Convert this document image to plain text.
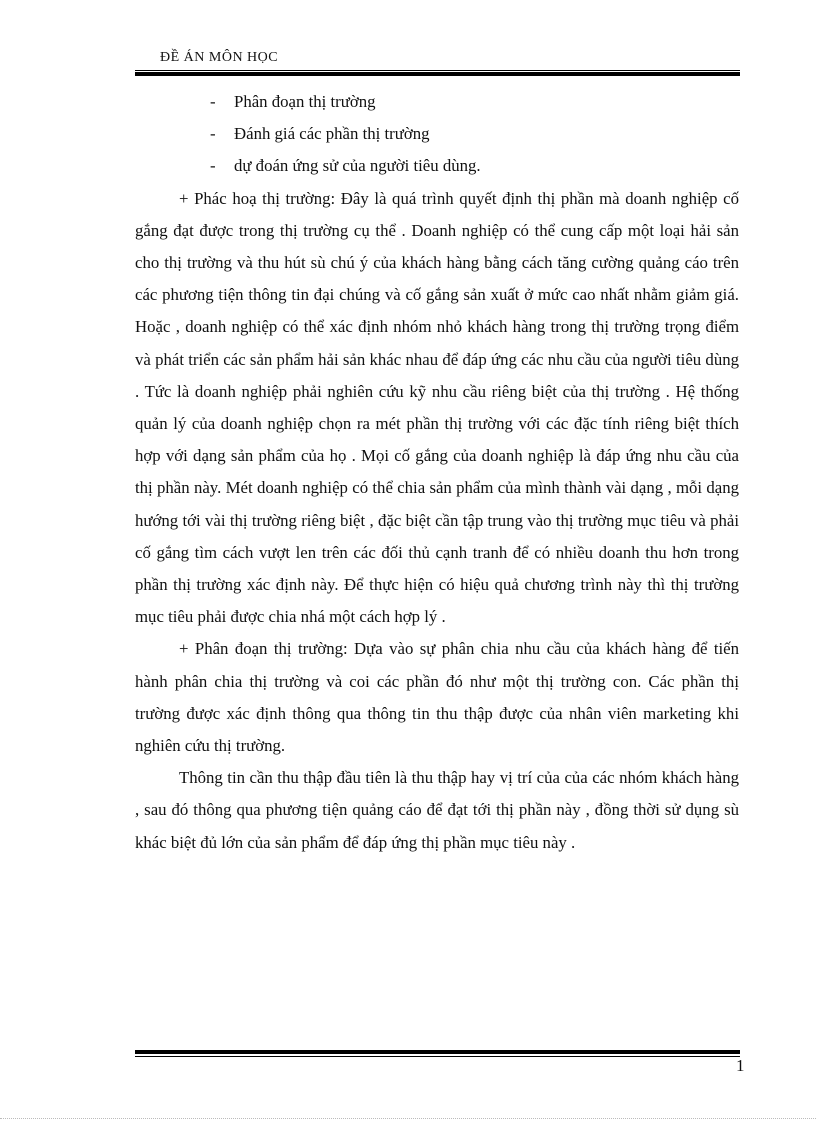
ĐỀ ÁN MÔN HỌC
-	Phân đoạn thị trường
-	Đánh giá các phần thị trường
-	dự đoán ứng sử của người tiêu dùng.

+ Phác hoạ thị trường: Đây là quá trình quyết định thị phần mà doanh nghiệp cố gắng đạt được trong thị trường cụ thể . Doanh nghiệp có thể cung cấp một loại hải sản cho thị trường và thu hút sù chú ý của khách hàng bằng cách tăng cường quảng cáo trên các phương tiện thông tin đại chúng và cố gắng sản xuất ở mức cao nhất nhằm giảm giá. Hoặc , doanh nghiệp có thể xác định nhóm nhỏ khách hàng trong thị trường trọng điểm và phát triển các sản phẩm hải sản khác nhau để đáp ứng các nhu cầu của người tiêu dùng . Tức là doanh nghiệp phải nghiên cứu kỹ nhu cầu riêng biệt của thị trường . Hệ thống quản lý của doanh nghiệp chọn ra mét phần thị trường với các đặc tính riêng biệt thích hợp với dạng sản phẩm của họ . Mọi cố gắng của doanh nghiệp là đáp ứng nhu cầu của thị phần này. Mét doanh nghiệp có thể chia sản phẩm của mình thành vài dạng , mỗi dạng hướng tới vài thị trường riêng biệt , đặc biệt cần tập trung vào thị trường mục tiêu và phải cố gắng tìm cách vượt len trên các đối thủ cạnh tranh để có nhiều doanh thu hơn trong phần thị trường xác định này. Để thực hiện có hiệu quả chương trình này thì thị trường mục tiêu phải được chia nhá một cách hợp lý .

+ Phân đoạn thị trường: Dựa vào sự phân chia nhu cầu của khách hàng để tiến hành phân chia thị trường và coi các phần đó như một thị trường con. Các phần thị trường được xác định thông qua thông tin thu thập được của nhân viên marketing khi nghiên cứu thị trường.

Thông tin cần thu thập đầu tiên là thu thập hay vị trí của của các nhóm khách hàng , sau đó thông qua phương tiện quảng cáo để đạt tới thị phần này , đồng thời sử dụng sù khác biệt đủ lớn của sản phẩm để đáp ứng thị phần mục tiêu này .

1
